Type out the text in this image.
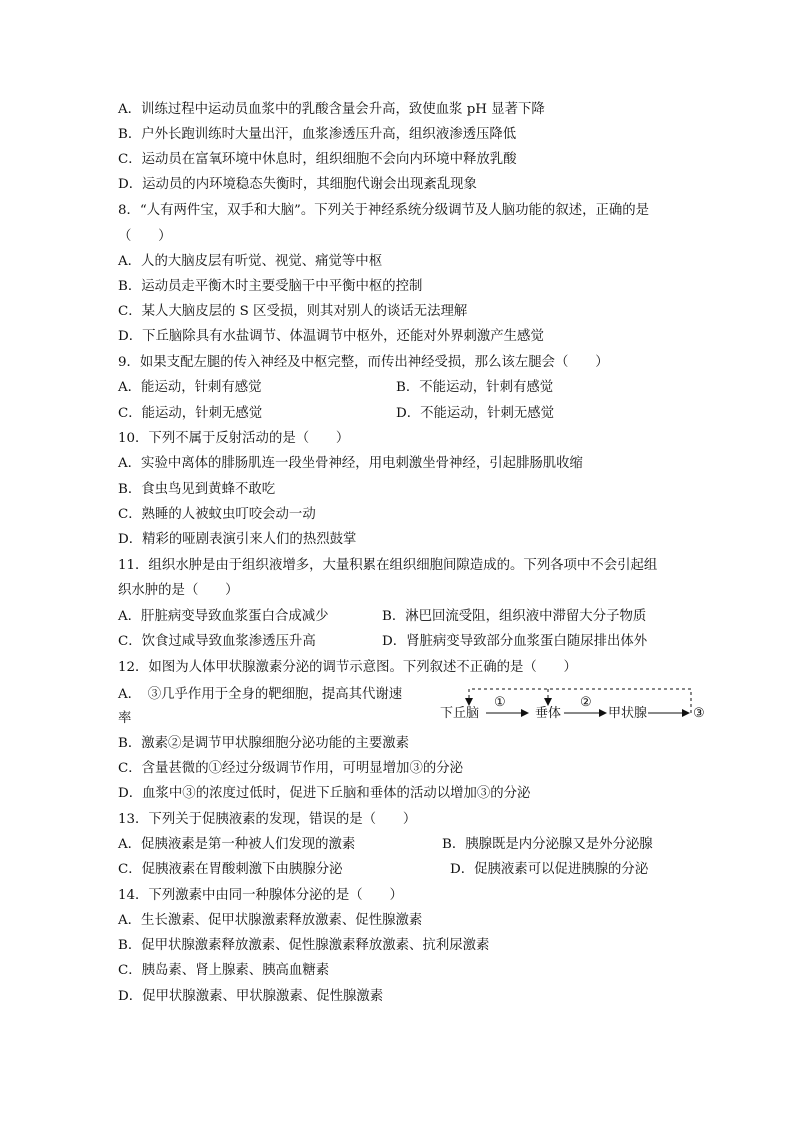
A．训练过程中运动员血浆中的乳酸含量会升高，致使血浆 pH 显著下降
B．户外长跑训练时大量出汗，血浆渗透压升高，组织液渗透压降低
C．运动员在富氧环境中休息时，组织细胞不会向内环境中释放乳酸
D．运动员的内环境稳态失衡时，其细胞代谢会出现紊乱现象
8．“人有两件宝，双手和大脑”。下列关于神经系统分级调节及人脑功能的叙述，正确的是
（　　）
A．人的大脑皮层有听觉、视觉、痛觉等中枢
B．运动员走平衡木时主要受脑干中平衡中枢的控制
C．某人大脑皮层的 S 区受损，则其对别人的谈话无法理解
D．下丘脑除具有水盐调节、体温调节中枢外，还能对外界刺激产生感觉
9．如果支配左腿的传入神经及中枢完整，而传出神经受损，那么该左腿会（　　）
A．能运动，针刺有感觉	B．不能运动，针刺有感觉
C．能运动，针刺无感觉	D．不能运动，针刺无感觉
10．下列不属于反射活动的是（　　）
A．实验中离体的腓肠肌连一段坐骨神经，用电刺激坐骨神经，引起腓肠肌收缩
B．食虫鸟见到黄蜂不敢吃
C．熟睡的人被蚊虫叮咬会动一动
D．精彩的哑剧表演引来人们的热烈鼓掌
11．组织水肿是由于组织液增多，大量积累在组织细胞间隙造成的。下列各项中不会引起组
织水肿的是（　　）
A．肝脏病变导致血浆蛋白合成减少	B．淋巴回流受阻，组织液中滞留大分子物质
C．饮食过咸导致血浆渗透压升高	D．肾脏病变导致部分血浆蛋白随尿排出体外
12．如图为人体甲状腺激素分泌的调节示意图。下列叙述不正确的是（　　）
A．　③几乎作用于全身的靶细胞，提高其代谢速
率	下丘脑
①
垂体
②
甲状腺	③
B．激素②是调节甲状腺细胞分泌功能的主要激素
C．含量甚微的①经过分级调节作用，可明显增加③的分泌
D．血浆中③的浓度过低时，促进下丘脑和垂体的活动以增加③的分泌
13．下列关于促胰液素的发现，错误的是（　　）
A．促胰液素是第一种被人们发现的激素	B．胰腺既是内分泌腺又是外分泌腺
C．促胰液素在胃酸刺激下由胰腺分泌	D．促胰液素可以促进胰腺的分泌
14．下列激素中由同一种腺体分泌的是（　　）
A．生长激素、促甲状腺激素释放激素、促性腺激素
B．促甲状腺激素释放激素、促性腺激素释放激素、抗利尿激素
C．胰岛素、肾上腺素、胰高血糖素
D．促甲状腺激素、甲状腺激素、促性腺激素
